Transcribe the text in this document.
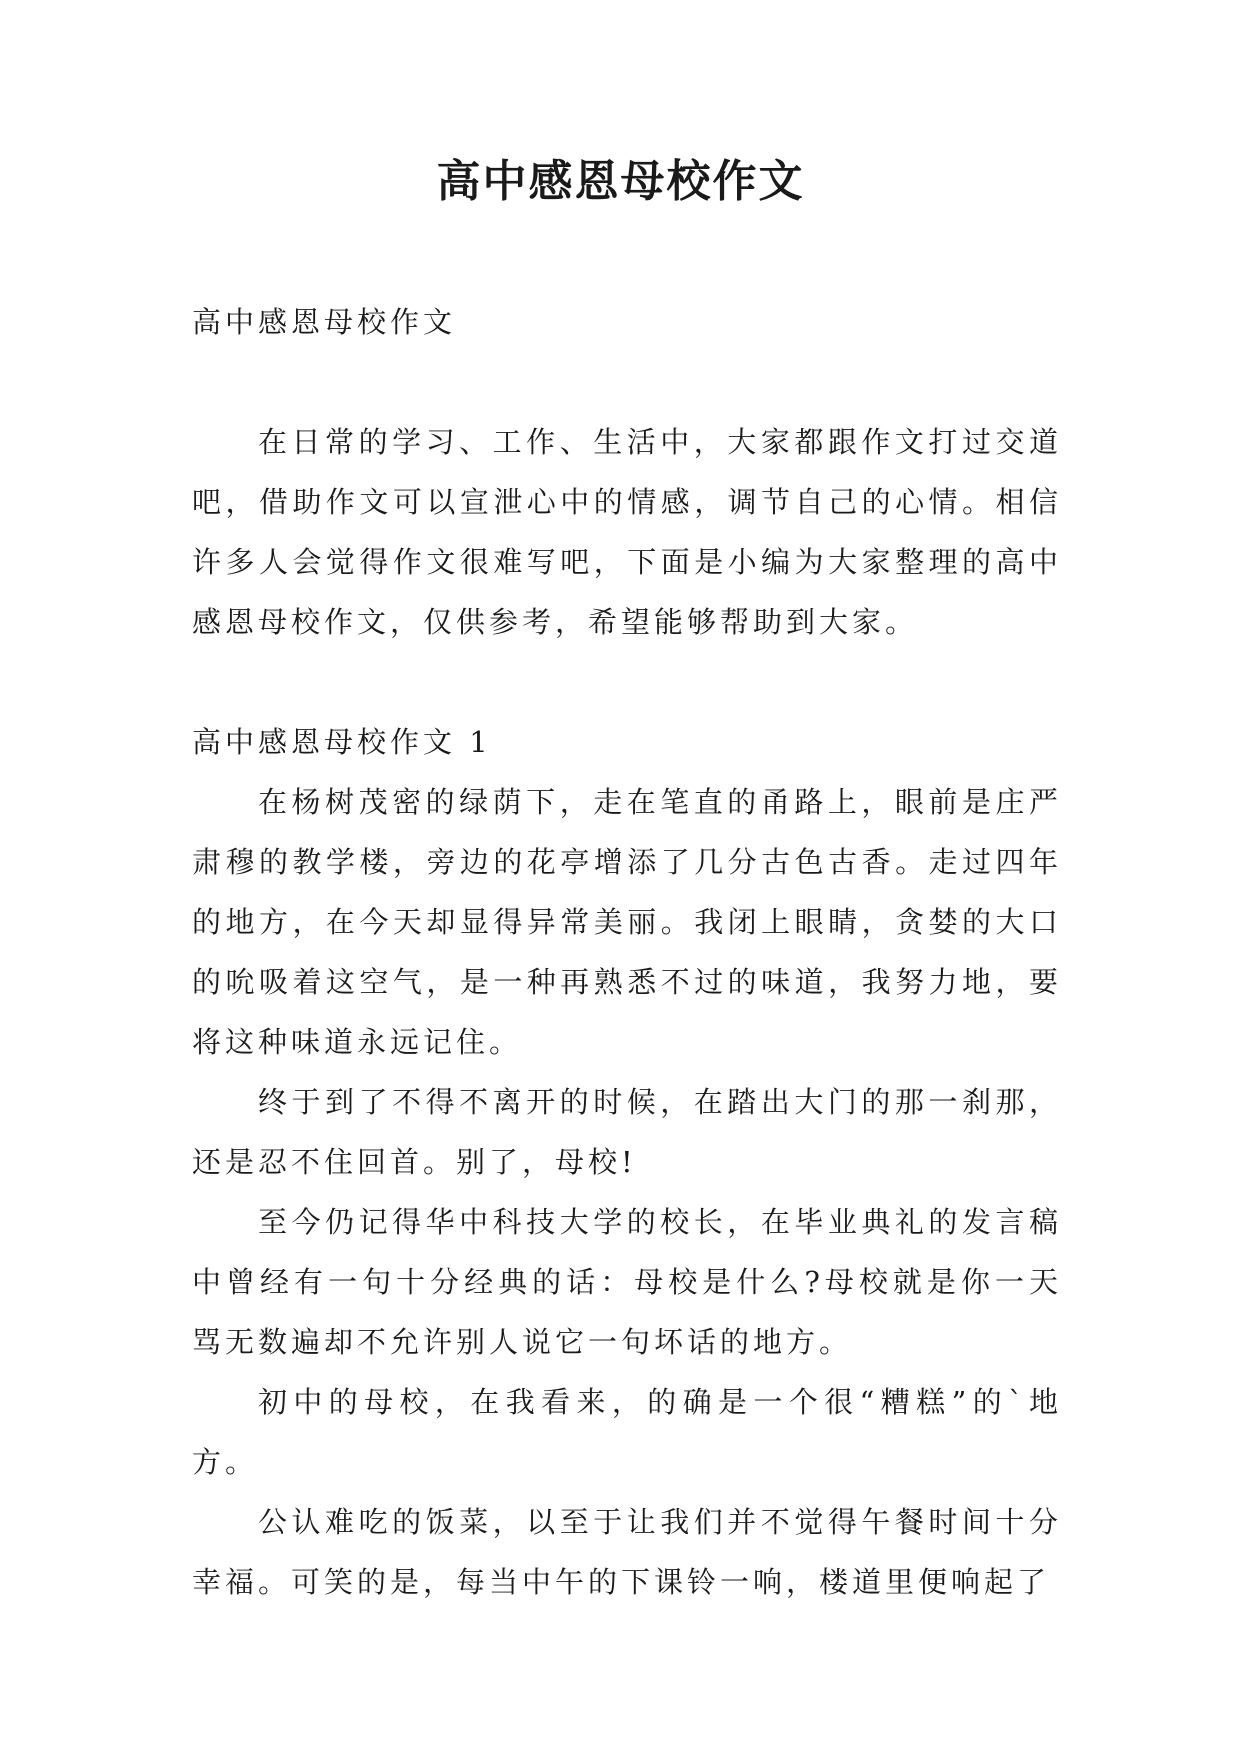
高中感恩母校作文

高中感恩母校作文

在日常的学习、工作、生活中，大家都跟作文打过交道吧，借助作文可以宣泄心中的情感，调节自己的心情。相信许多人会觉得作文很难写吧，下面是小编为大家整理的高中感恩母校作文，仅供参考，希望能够帮助到大家。

高中感恩母校作文 1

在杨树茂密的绿荫下，走在笔直的甬路上，眼前是庄严肃穆的教学楼，旁边的花亭增添了几分古色古香。走过四年的地方，在今天却显得异常美丽。我闭上眼睛，贪婪的大口的吮吸着这空气，是一种再熟悉不过的味道，我努力地，要将这种味道永远记住。

终于到了不得不离开的时候，在踏出大门的那一刹那，还是忍不住回首。别了，母校!

至今仍记得华中科技大学的校长，在毕业典礼的发言稿中曾经有一句十分经典的话：母校是什么?母校就是你一天骂无数遍却不允许别人说它一句坏话的地方。

初中的母校，在我看来，的确是一个很“糟糕”的`地方。

公认难吃的饭菜，以至于让我们并不觉得午餐时间十分幸福。可笑的是，每当中午的下课铃一响，楼道里便响起了
